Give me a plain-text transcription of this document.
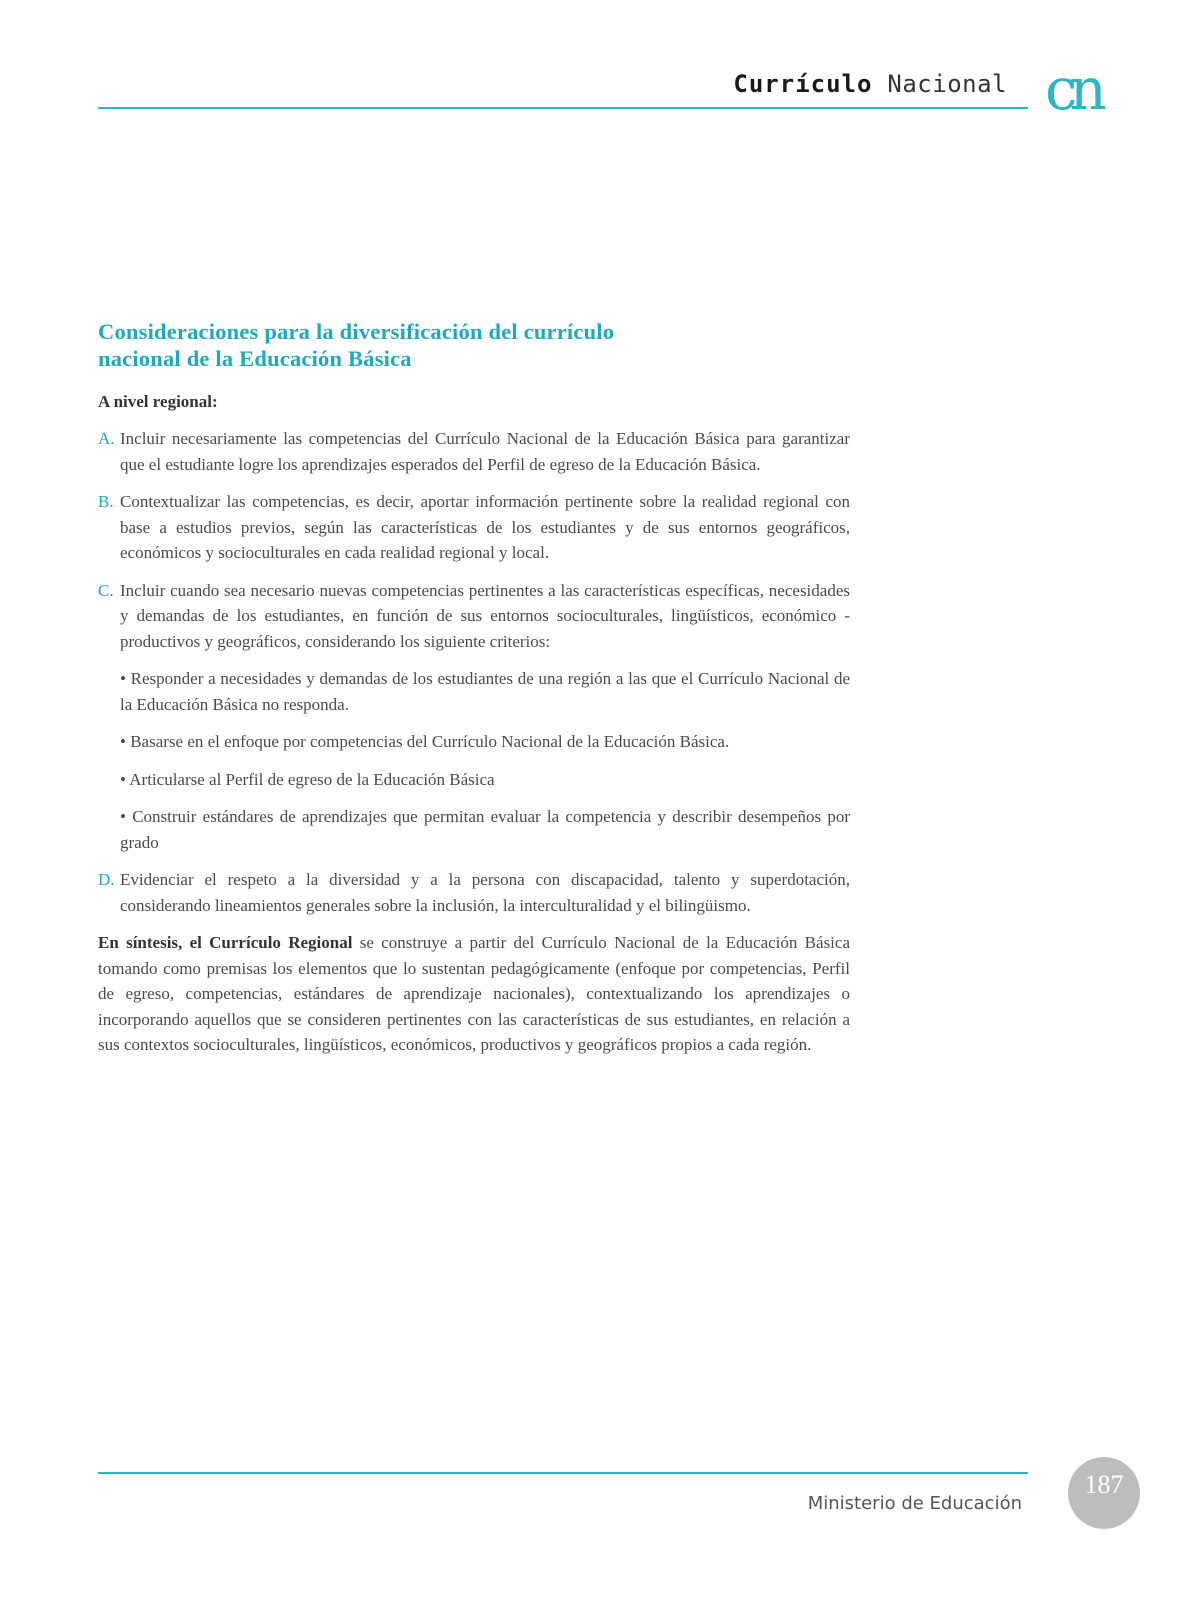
Currículo Nacional cn
Consideraciones para la diversificación del currículo
nacional de la Educación Básica
A nivel regional:
A. Incluir necesariamente las competencias del Currículo Nacional de la Educación Básica para garantizar que el estudiante logre los aprendizajes esperados del Perfil de egreso de la Educación Básica.
B. Contextualizar las competencias, es decir, aportar información pertinente sobre la realidad regional con base a estudios previos, según las características de los estudiantes y de sus entornos geográficos, económicos y socioculturales en cada realidad regional y local.
C. Incluir cuando sea necesario nuevas competencias pertinentes a las características específicas, necesidades y demandas de los estudiantes, en función de sus entornos socioculturales, lingüísticos, económico - productivos y geográficos, considerando los siguiente criterios:
• Responder a necesidades y demandas de los estudiantes de una región a las que el Currículo Nacional de la Educación Básica no responda.
• Basarse en el enfoque por competencias del Currículo Nacional de la Educación Básica.
• Articularse al Perfil de egreso de la Educación Básica
• Construir estándares de aprendizajes que permitan evaluar la competencia y describir desempeños por grado
D. Evidenciar el respeto a la diversidad y a la persona con discapacidad, talento y superdotación, considerando lineamientos generales sobre la inclusión, la interculturalidad y el bilingüismo.

En síntesis, el Currículo Regional se construye a partir del Currículo Nacional de la Educación Básica tomando como premisas los elementos que lo sustentan pedagógicamente (enfoque por competencias, Perfil de egreso, competencias, estándares de aprendizaje nacionales), contextualizando los aprendizajes o incorporando aquellos que se consideren pertinentes con las características de sus estudiantes, en relación a sus contextos socioculturales, lingüísticos, económicos, productivos y geográficos propios a cada región.

Ministerio de Educación
187
